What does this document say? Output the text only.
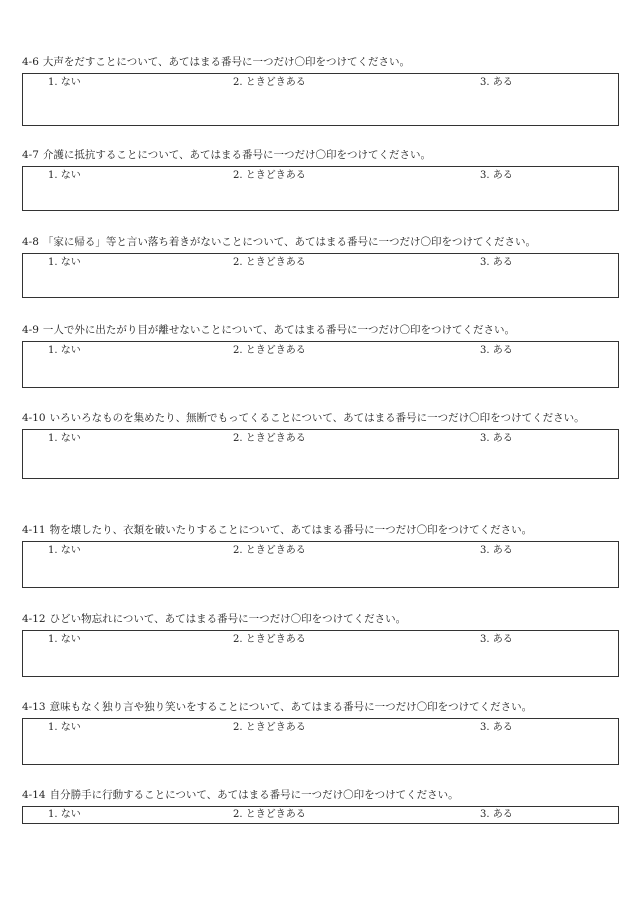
4-6 大声をだすことについて、あてはまる番号に一つだけ〇印をつけてください。
1. ない	2. ときどきある	3. ある
4-7 介護に抵抗することについて、あてはまる番号に一つだけ〇印をつけてください。
1. ない	2. ときどきある	3. ある
4-8 「家に帰る」等と言い落ち着きがないことについて、あてはまる番号に一つだけ〇印をつけてください。
1. ない	2. ときどきある	3. ある
4-9 一人で外に出たがり目が離せないことについて、あてはまる番号に一つだけ〇印をつけてください。
1. ない	2. ときどきある	3. ある
4-10 いろいろなものを集めたり、無断でもってくることについて、あてはまる番号に一つだけ〇印をつけてください。
1. ない	2. ときどきある	3. ある
4-11 物を壊したり、衣類を破いたりすることについて、あてはまる番号に一つだけ〇印をつけてください。
1. ない	2. ときどきある	3. ある
4-12 ひどい物忘れについて、あてはまる番号に一つだけ〇印をつけてください。
1. ない	2. ときどきある	3. ある
4-13 意味もなく独り言や独り笑いをすることについて、あてはまる番号に一つだけ〇印をつけてください。
1. ない	2. ときどきある	3. ある
4-14 自分勝手に行動することについて、あてはまる番号に一つだけ〇印をつけてください。
1. ない	2. ときどきある	3. ある
